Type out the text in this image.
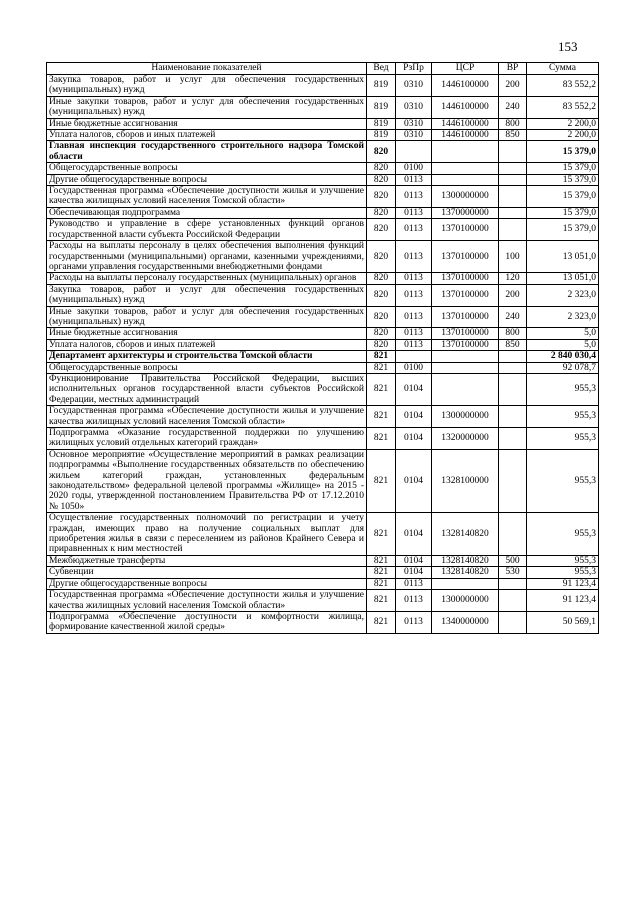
153
Наименование показателей	Вед	РзПр	ЦСР	ВР	Сумма
Закупка товаров, работ и услуг для обеспечения государственных (муниципальных) нужд	819	0310	1446100000	200	83 552,2
Иные закупки товаров, работ и услуг для обеспечения государственных (муниципальных) нужд	819	0310	1446100000	240	83 552,2
Иные бюджетные ассигнования	819	0310	1446100000	800	2 200,0
Уплата налогов, сборов и иных платежей	819	0310	1446100000	850	2 200,0
Главная инспекция государственного строительного надзора Томской области	820				15 379,0
Общегосударственные вопросы	820	0100			15 379,0
Другие общегосударственные вопросы	820	0113			15 379,0
Государственная программа «Обеспечение доступности жилья и улучшение качества жилищных условий населения Томской области»	820	0113	1300000000		15 379,0
Обеспечивающая подпрограмма	820	0113	1370000000		15 379,0
Руководство и управление в сфере установленных функций органов государственной власти субъекта Российской Федерации	820	0113	1370100000		15 379,0
Расходы на выплаты персоналу в целях обеспечения выполнения функций государственными (муниципальными) органами, казенными учреждениями, органами управления государственными внебюджетными фондами	820	0113	1370100000	100	13 051,0
Расходы на выплаты персоналу государственных (муниципальных) органов	820	0113	1370100000	120	13 051,0
Закупка товаров, работ и услуг для обеспечения государственных (муниципальных) нужд	820	0113	1370100000	200	2 323,0
Иные закупки товаров, работ и услуг для обеспечения государственных (муниципальных) нужд	820	0113	1370100000	240	2 323,0
Иные бюджетные ассигнования	820	0113	1370100000	800	5,0
Уплата налогов, сборов и иных платежей	820	0113	1370100000	850	5,0
Департамент архитектуры и строительства Томской области	821				2 840 030,4
Общегосударственные вопросы	821	0100			92 078,7
Функционирование Правительства Российской Федерации, высших исполнительных органов государственной власти субъектов Российской Федерации, местных администраций	821	0104			955,3
Государственная программа «Обеспечение доступности жилья и улучшение качества жилищных условий населения Томской области»	821	0104	1300000000		955,3
Подпрограмма «Оказание государственной поддержки по улучшению жилищных условий отдельных категорий граждан»	821	0104	1320000000		955,3
Основное мероприятие «Осуществление мероприятий в рамках реализации подпрограммы «Выполнение государственных обязательств по обеспечению жильем категорий граждан, установленных федеральным законодательством» федеральной целевой программы «Жилище» на 2015 - 2020 годы, утвержденной постановлением Правительства РФ от 17.12.2010 № 1050»	821	0104	1328100000		955,3
Осуществление государственных полномочий по регистрации и учету граждан, имеющих право на получение социальных выплат для приобретения жилья в связи с переселением из районов Крайнего Севера и приравненных к ним местностей	821	0104	1328140820		955,3
Межбюджетные трансферты	821	0104	1328140820	500	955,3
Субвенции	821	0104	1328140820	530	955,3
Другие общегосударственные вопросы	821	0113			91 123,4
Государственная программа «Обеспечение доступности жилья и улучшение качества жилищных условий населения Томской области»	821	0113	1300000000		91 123,4
Подпрограмма «Обеспечение доступности и комфортности жилища, формирование качественной жилой среды»	821	0113	1340000000		50 569,1
